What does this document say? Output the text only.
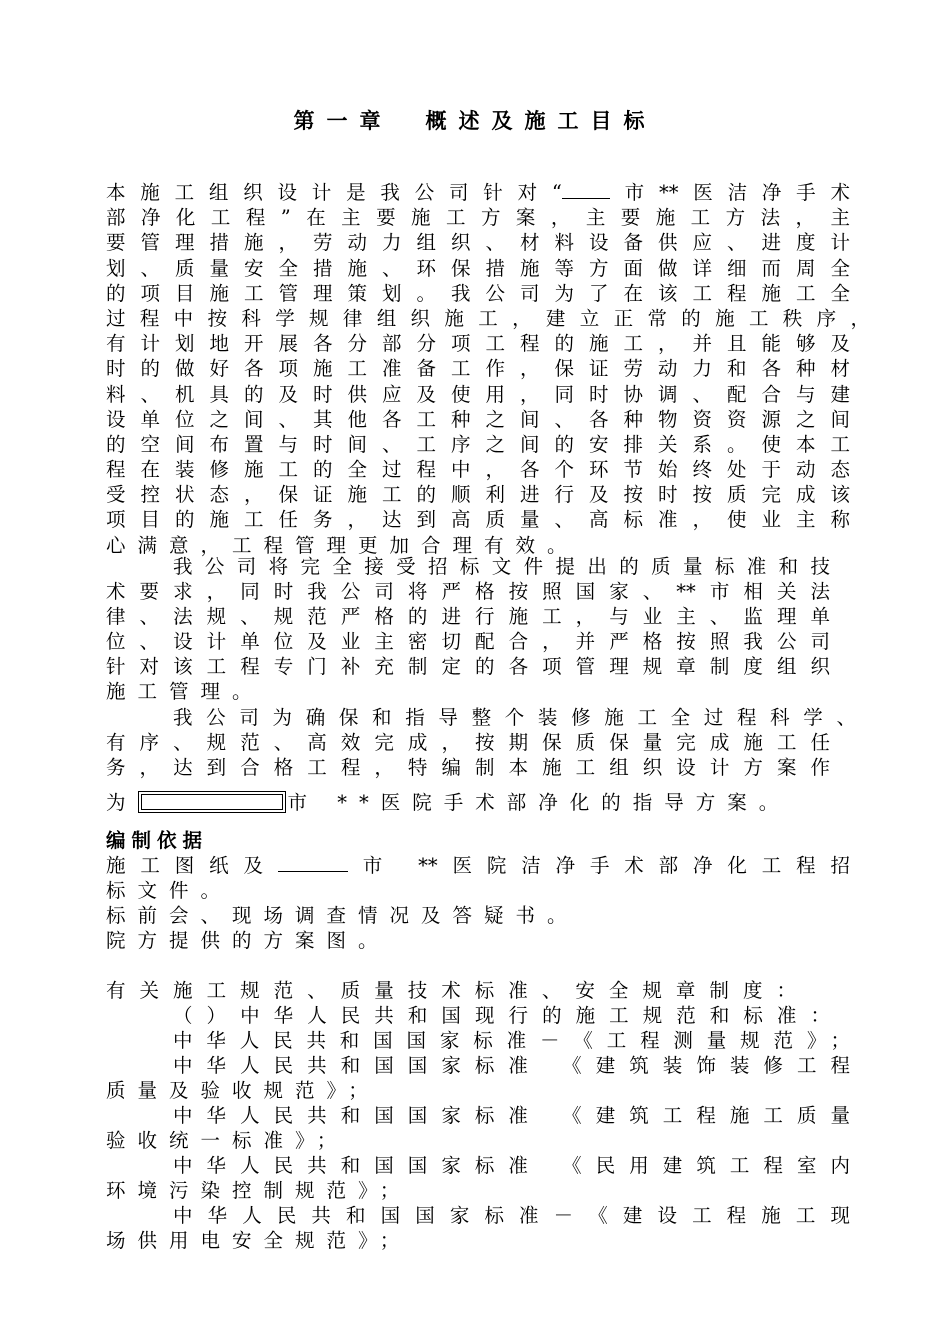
第一章　概述及施工目标
本施工组织设计是我公司针对“ 市**医洁净手术
部净化工程”在主要施工方案，主要施工方法，主
要管理措施，劳动力组织、材料设备供应、进度计
划、质量安全措施、环保措施等方面做详细而周全
的项目施工管理策划。我公司为了在该工程施工全
过程中按科学规律组织施工，建立正常的施工秩序，
有计划地开展各分部分项工程的施工，并且能够及
时的做好各项施工准备工作，保证劳动力和各种材
料、机具的及时供应及使用，同时协调、配合与建
设单位之间、其他各工种之间、各种物资资源之间
的空间布置与时间、工序之间的安排关系。使本工
程在装修施工的全过程中，各个环节始终处于动态
受控状态，保证施工的顺利进行及按时按质完成该
项目的施工任务，达到高质量、高标准，使业主称
心满意，工程管理更加合理有效。
我公司将完全接受招标文件提出的质量标准和技
术要求，同时我公司将严格按照国家、**市相关法
律、法规、规范严格的进行施工，与业主、监理单
位、设计单位及业主密切配合，并严格按照我公司
针对该工程专门补充制定的各项管理规章制度组织
施工管理。
我公司为确保和指导整个装修施工全过程科学、
有序、规范、高效完成，按期保质保量完成施工任
务，达到合格工程，特编制本施工组织设计方案作
为	市 **医院手术部净化的指导方案。
编制依据
施工图纸及	市 **医院洁净手术部净化工程招
标文件。
标前会、现场调查情况及答疑书。
院方提供的方案图。
有关施工规范、质量技术标准、安全规章制度：
（）中华人民共和国现行的施工规范和标准：
中华人民共和国国家标准－《工程测量规范》；
中华人民共和国国家标准 《建筑装饰装修工程
质量及验收规范》；
中华人民共和国国家标准 《建筑工程施工质量
验收统一标准》；
中华人民共和国国家标准 《民用建筑工程室内
环境污染控制规范》；
中华人民共和国国家标准－《建设工程施工现
场供用电安全规范》；
